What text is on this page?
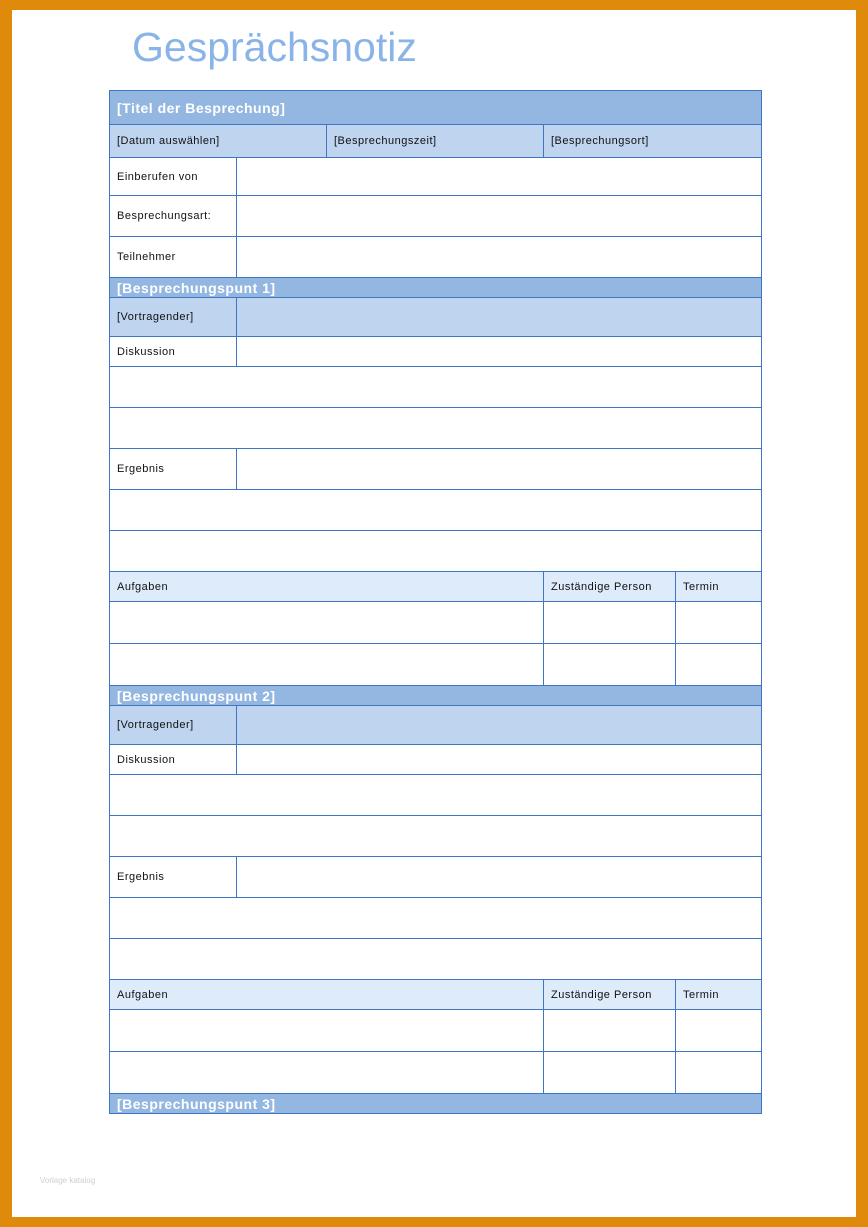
Gesprächsnotiz
[Titel der Besprechung]				
[Datum auswählen]		[Besprechungszeit]	[Besprechungsort]	
Einberufen von				
Besprechungsart:				
Teilnehmer				
[Besprechungspunt 1]				
[Vortragender]				
Diskussion				

Ergebnis				

Aufgaben			Zuständige Person	Termin

[Besprechungspunt 2]				
[Vortragender]				
Diskussion				

Ergebnis				

Aufgaben			Zuständige Person	Termin

[Besprechungspunt 3]				
Vorlage katalog
